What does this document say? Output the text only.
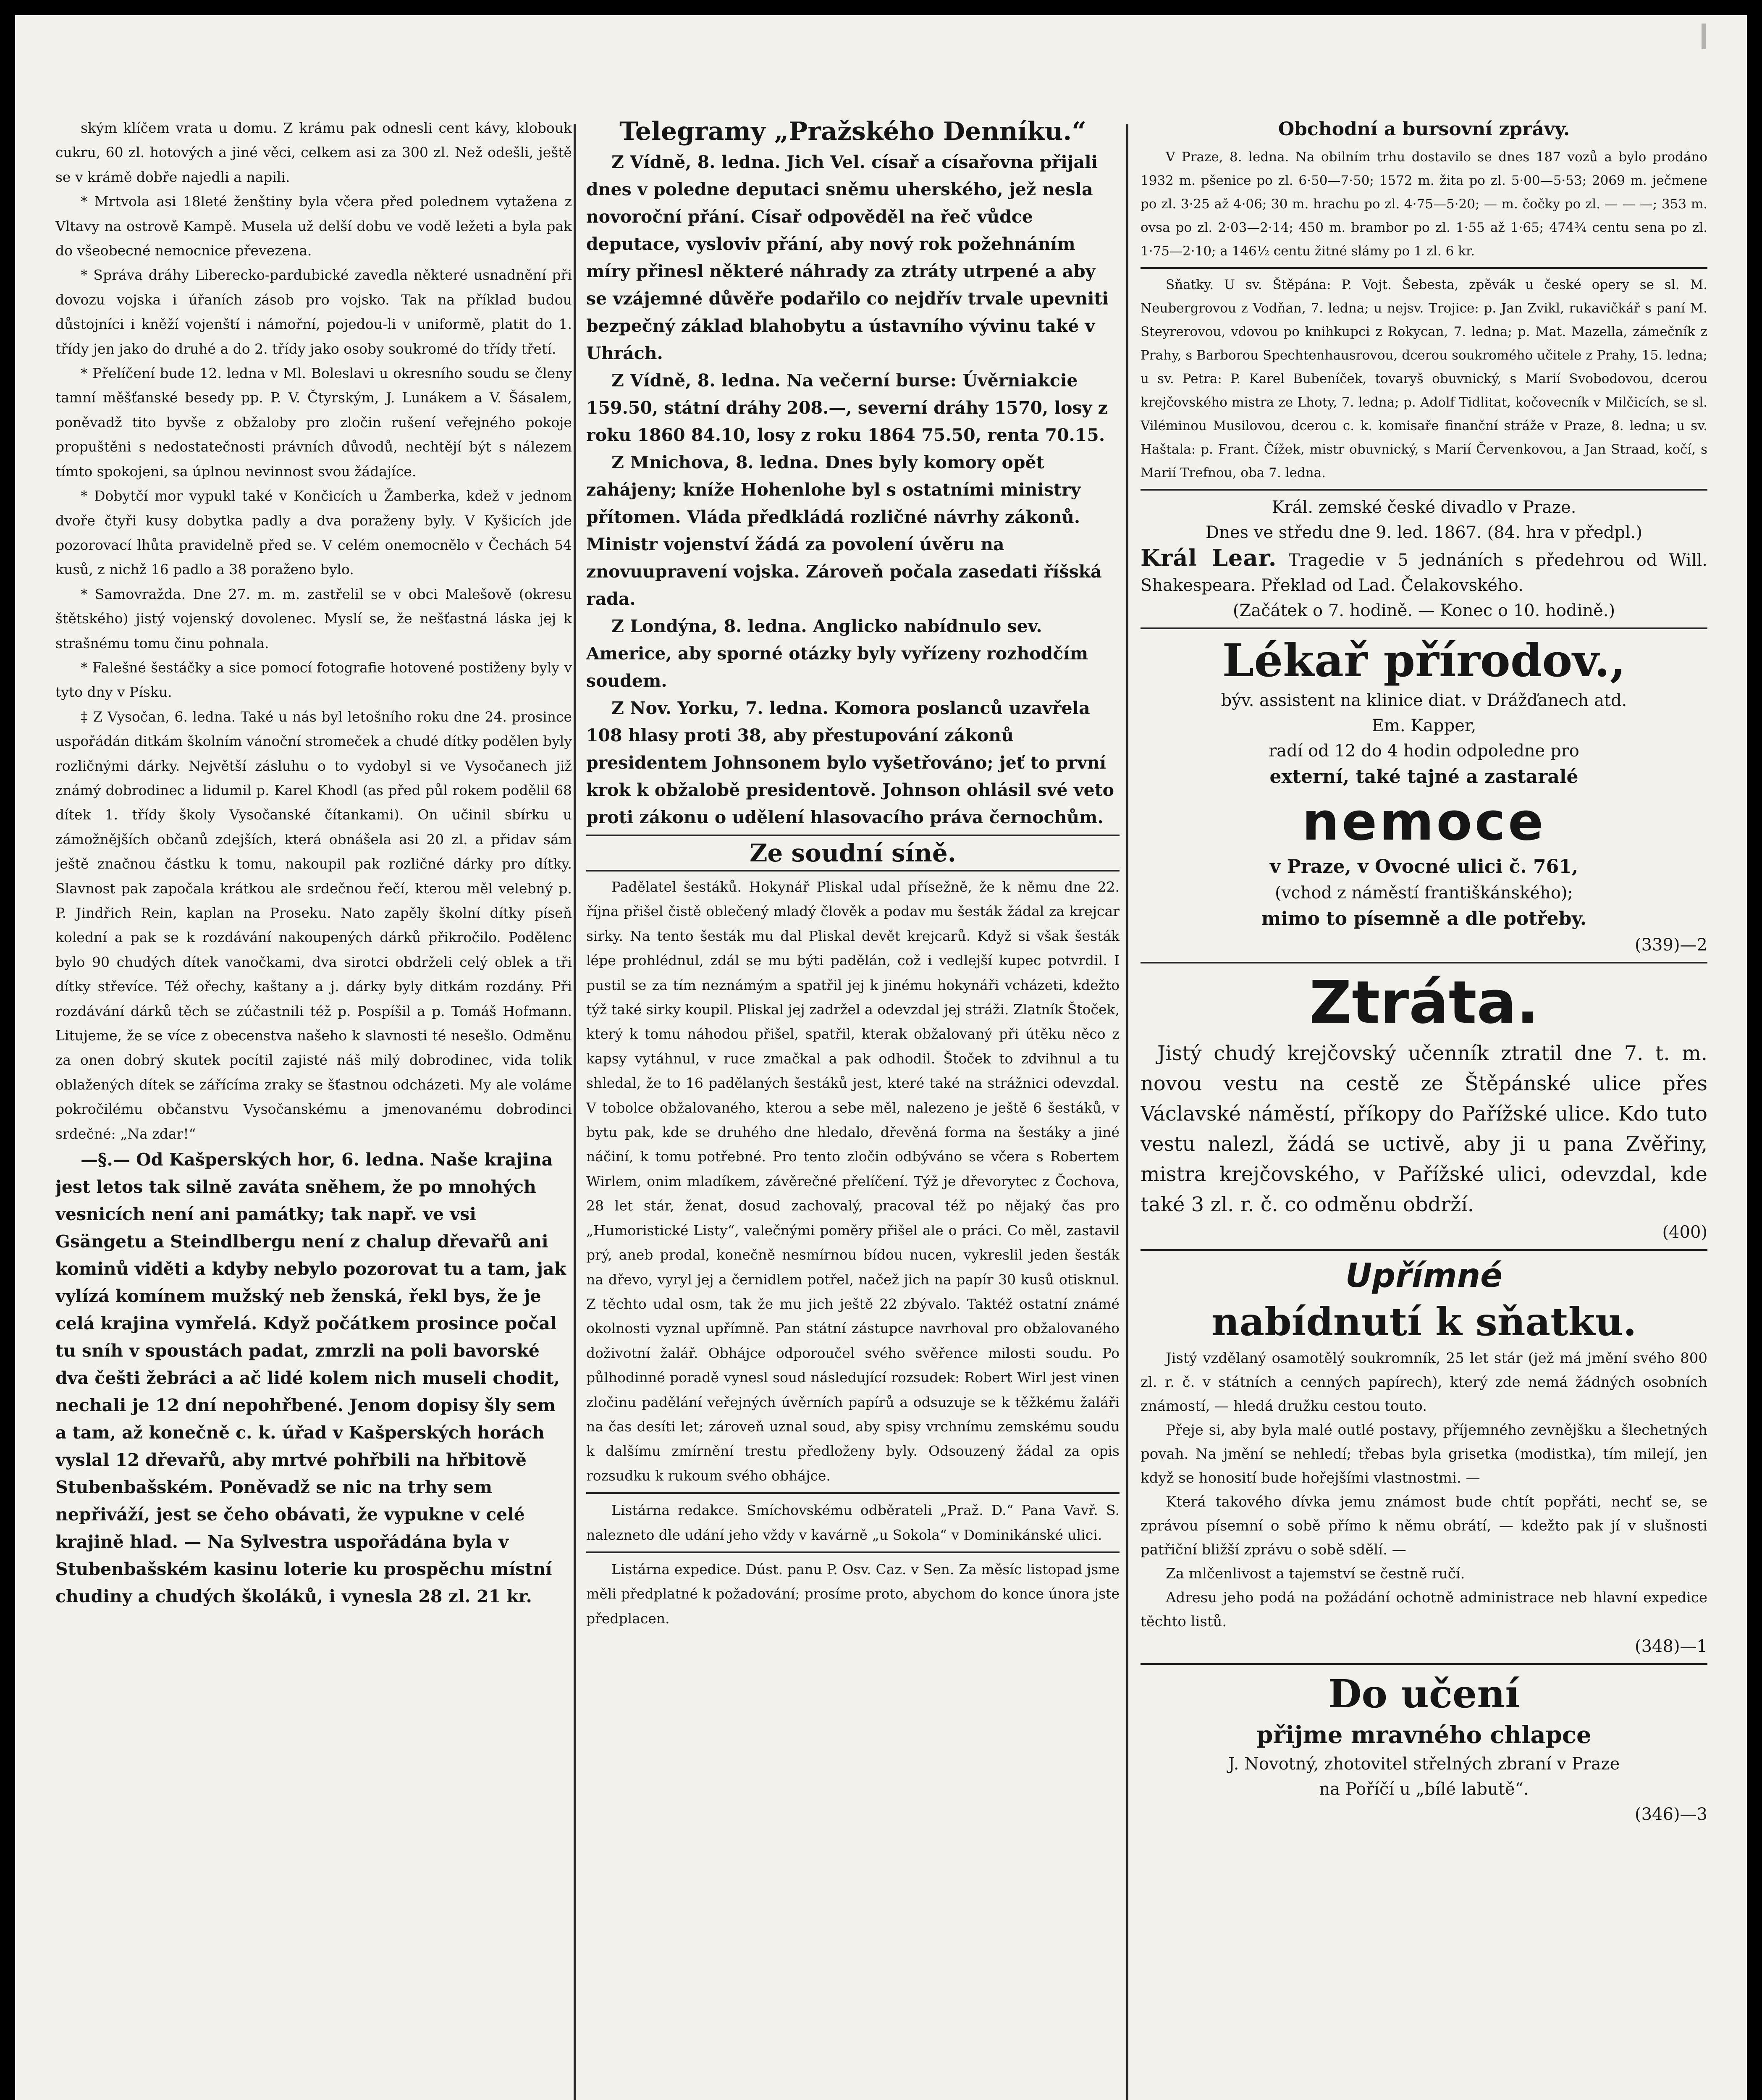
ským klíčem vrata u domu. Z krámu pak odnesli cent kávy, klobouk cukru, 60 zl. hotových a jiné věci, celkem asi za 300 zl. Než odešli, ještě se v krámě dobře najedli a napili.

* Mrtvola asi 18leté ženštiny byla včera před polednem vytažena z Vltavy na ostrově Kampě. Musela už delší dobu ve vodě ležeti a byla pak do všeobecné nemocnice převezena.

* Správa dráhy Liberecko-pardubické zavedla některé usnadnění při dovozu vojska i úřaních zásob pro vojsko. Tak na příklad budou důstojníci i kněží vojenští i námořní, pojedou-li v uniformě, platit do 1. třídy jen jako do druhé a do 2. třídy jako osoby soukromé do třídy třetí.

* Přelíčení bude 12. ledna v Ml. Boleslavi u okresního soudu se členy tamní měšťanské besedy pp. P. V. Čtyrským, J. Lunákem a V. Šásalem, poněvadž tito byvše z obžaloby pro zločin rušení veřejného pokoje propuštěni s nedostatečnosti právních důvodů, nechtějí být s nálezem tímto spokojeni, sa úplnou nevinnost svou žádajíce.

* Dobytčí mor vypukl také v Končicích u Žamberka, kdež v jednom dvoře čtyři kusy dobytka padly a dva poraženy byly. V Kyšicích jde pozorovací lhůta pravidelně před se. V celém onemocnělo v Čechách 54 kusů, z nichž 16 padlo a 38 poraženo bylo.

* Samovražda. Dne 27. m. m. zastřelil se v obci Malešově (okresu štětského) jistý vojenský dovolenec. Myslí se, že nešťastná láska jej k strašnému tomu činu pohnala.

* Falešné šestáčky a sice pomocí fotografie hotovené postiženy byly v tyto dny v Písku.

‡ Z Vysočan, 6. ledna. Také u nás byl letošního roku dne 24. prosince uspořádán ditkám školním vánoční stromeček a chudé dítky podělen byly rozličnými dárky. Největší zásluhu o to vydobyl si ve Vysočanech již známý dobrodinec a lidumil p. Karel Khodl (as před půl rokem podělil 68 dítek 1. třídy školy Vysočanské čítankami). On učinil sbírku u zámožnějších občanů zdejších, která obnášela asi 20 zl. a přidav sám ještě značnou částku k tomu, nakoupil pak rozličné dárky pro dítky. Slavnost pak započala krátkou ale srdečnou řečí, kterou měl velebný p. P. Jindřich Rein, kaplan na Proseku. Nato zapěly školní dítky píseň kolední a pak se k rozdávání nakoupených dárků přikročilo. Podělenc bylo 90 chudých dítek vanočkami, dva sirotci obdrželi celý oblek a tři dítky střevíce. Též ořechy, kaštany a j. dárky byly ditkám rozdány. Při rozdávání dárků těch se zúčastnili též p. Pospíšil a p. Tomáš Hofmann. Litujeme, že se více z obecenstva našeho k slavnosti té nesešlo. Odměnu za onen dobrý skutek pocítil zajisté náš milý dobrodinec, vida tolik oblažených dítek se zářícíma zraky se šťastnou odcházeti. My ale voláme pokročilému občanstvu Vysočanskému a jmenovanému dobrodinci srdečné: „Na zdar!“

—§.— Od Kašperských hor, 6. ledna. Naše krajina jest letos tak silně zaváta sněhem, že po mnohých vesnicích není ani památky; tak např. ve vsi Gsängetu a Steindlbergu není z chalup dřevařů ani kominů viděti a kdyby nebylo pozorovat tu a tam, jak vylízá komínem mužský neb ženská, řekl bys, že je celá krajina vymřelá. Když počátkem prosince počal tu sníh v spoustách padat, zmrzli na poli bavorské dva češti žebráci a ač lidé kolem nich museli chodit, nechali je 12 dní nepohřbené. Jenom dopisy šly sem a tam, až konečně c. k. úřad v Kašperských horách vyslal 12 dřevařů, aby mrtvé pohřbili na hřbitově Stubenbašském. Poněvadž se nic na trhy sem nepřiváží, jest se čeho obávati, že vypukne v celé krajině hlad. — Na Sylvestra uspořádána byla v Stubenbašském kasinu loterie ku prospěchu místní chudiny a chudých školáků, i vynesla 28 zl. 21 kr.

Telegramy „Pražského Denníku.“

Z Vídně, 8. ledna. Jich Vel. císař a císařovna přijali dnes v poledne deputaci sněmu uherského, jež nesla novoroční přání. Císař odpověděl na řeč vůdce deputace, vysloviv přání, aby nový rok požehnáním míry přinesl některé náhrady za ztráty utrpené a aby se vzájemné důvěře podařilo co nejdřív trvale upevniti bezpečný základ blahobytu a ústavního vývinu také v Uhrách.

Z Vídně, 8. ledna. Na večerní burse: Úvěrniakcie 159.50, státní dráhy 208.—, severní dráhy 1570, losy z roku 1860 84.10, losy z roku 1864 75.50, renta 70.15.

Z Mnichova, 8. ledna. Dnes byly komory opět zahájeny; kníže Hohenlohe byl s ostatními ministry přítomen. Vláda předkládá rozličné návrhy zákonů. Ministr vojenství žádá za povolení úvěru na znovuupravení vojska. Zároveň počala zasedati říšská rada.

Z Londýna, 8. ledna. Anglicko nabídnulo sev. Americe, aby sporné otázky byly vyřízeny rozhodčím soudem.

Z Nov. Yorku, 7. ledna. Komora poslanců uzavřela 108 hlasy proti 38, aby přestupování zákonů presidentem Johnsonem bylo vyšetřováno; jeť to první krok k obžalobě presidentově. Johnson ohlásil své veto proti zákonu o udělení hlasovacího práva černochům.

Ze soudní síně.

Padělatel šestáků. Hokynář Pliskal udal přísežně, že k němu dne 22. října přišel čistě oblečený mladý člověk a podav mu šesták žádal za krejcar sirky. Na tento šesták mu dal Pliskal devět krejcarů. Když si však šesták lépe prohlédnul, zdál se mu býti padělán, což i vedlejší kupec potvrdil. I pustil se za tím neznámým a spatřil jej k jinému hokynáři vcházeti, kdežto týž také sirky koupil. Pliskal jej zadržel a odevzdal jej stráži. Zlatník Štoček, který k tomu náhodou přišel, spatřil, kterak obžalovaný při útěku něco z kapsy vytáhnul, v ruce zmačkal a pak odhodil. Štoček to zdvihnul a tu shledal, že to 16 padělaných šestáků jest, které také na strážnici odevzdal. V tobolce obžalovaného, kterou a sebe měl, nalezeno je ještě 6 šestáků, v bytu pak, kde se druhého dne hledalo, dřevěná forma na šestáky a jiné náčiní, k tomu potřebné. Pro tento zločin odbýváno se včera s Robertem Wirlem, onim mladíkem, závěrečné přelíčení. Týž je dřevorytec z Čochova, 28 let stár, ženat, dosud zachovalý, pracoval též po nějaký čas pro „Humoristické Listy“, valečnými poměry přišel ale o práci. Co měl, zastavil prý, aneb prodal, konečně nesmírnou bídou nucen, vykreslil jeden šesták na dřevo, vyryl jej a černidlem potřel, načež jich na papír 30 kusů otisknul. Z těchto udal osm, tak že mu jich ještě 22 zbývalo. Taktéž ostatní známé okolnosti vyznal upřímně. Pan státní zástupce navrhoval pro obžalovaného doživotní žalář. Obhájce odporoučel svého svěřence milosti soudu. Po půlhodinné poradě vynesl soud následující rozsudek: Robert Wirl jest vinen zločinu padělání veřejných úvěrních papírů a odsuzuje se k těžkému žaláři na čas desíti let; zároveň uznal soud, aby spisy vrchnímu zemskému soudu k dalšímu zmírnění trestu předloženy byly. Odsouzený žádal za opis rozsudku k rukoum svého obhájce.

Listárna redakce. Smíchovskému odběrateli „Praž. D.“ Pana Vavř. S. nalezneto dle udání jeho vždy v kavárně „u Sokola“ v Dominikánské ulici.

Listárna expedice. Dúst. panu P. Osv. Caz. v Sen. Za měsíc listopad jsme měli předplatné k požadování; prosíme proto, abychom do konce února jste předplacen.

Obchodní a bursovní zprávy.

V Praze, 8. ledna. Na obilním trhu dostavilo se dnes 187 vozů a bylo prodáno 1932 m. pšenice po zl. 6·50—7·50; 1572 m. žita po zl. 5·00—5·53; 2069 m. ječmene po zl. 3·25 až 4·06; 30 m. hrachu po zl. 4·75—5·20; — m. čočky po zl. — — —; 353 m. ovsa po zl. 2·03—2·14; 450 m. brambor po zl. 1·55 až 1·65; 474¾ centu sena po zl. 1·75—2·10; a 146½ centu žitné slámy po 1 zl. 6 kr.

Sňatky. U sv. Štěpána: P. Vojt. Šebesta, zpěvák u české opery se sl. M. Neubergrovou z Vodňan, 7. ledna; u nejsv. Trojice: p. Jan Zvikl, rukavičkář s paní M. Steyrerovou, vdovou po knihkupci z Rokycan, 7. ledna; p. Mat. Mazella, zámečník z Prahy, s Barborou Spechtenhausrovou, dcerou soukromého učitele z Prahy, 15. ledna; u sv. Petra: P. Karel Bubeníček, tovaryš obuvnický, s Marií Svobodovou, dcerou krejčovského mistra ze Lhoty, 7. ledna; p. Adolf Tidlitat, kočovecník v Milčicích, se sl. Viléminou Musilovou, dcerou c. k. komisaře finanční stráže v Praze, 8. ledna; u sv. Haštala: p. Frant. Čížek, mistr obuvnický, s Marií Červenkovou, a Jan Straad, kočí, s Marií Trefnou, oba 7. ledna.

Král. zemské české divadlo v Praze.
Dnes ve středu dne 9. led. 1867. (84. hra v předpl.)
Král Lear. Tragedie v 5 jednáních s předehrou od Will. Shakespeara. Překlad od Lad. Čelakovského.
(Začátek o 7. hodině. — Konec o 10. hodině.)
Lékař přírodov.,
býv. assistent na klinice diat. v Drážďanech atd.
Em. Kapper,
radí od 12 do 4 hodin odpoledne pro
externí, také tajné a zastaralé
nemoce
v Praze, v Ovocné ulici č. 761,
(vchod z náměstí františkánského);
mimo to písemně a dle potřeby.
(339)—2
Ztráta.

Jistý chudý krejčovský učenník ztratil dne 7. t. m. novou vestu na cestě ze Štěpánské ulice přes Václavské náměstí, příkopy do Pařížské ulice. Kdo tuto vestu nalezl, žádá se uctivě, aby ji u pana Zvěřiny, mistra krejčovského, v Pařížské ulici, odevzdal, kde také 3 zl. r. č. co odměnu obdrží.

(400)
Upřímné
nabídnutí k sňatku.

Jistý vzdělaný osamotělý soukromník, 25 let stár (jež má jmění svého 800 zl. r. č. v státních a cenných papírech), který zde nemá žádných osobních známostí, — hledá družku cestou touto.

Přeje si, aby byla malé outlé postavy, příjemného zevnějšku a šlechetných povah. Na jmění se nehledí; třebas byla grisetka (modistka), tím milejí, jen když se honosití bude hořejšími vlastnostmi. —

Která takového dívka jemu známost bude chtít popřáti, nechť se, se zprávou písemní o sobě přímo k němu obrátí, — kdežto pak jí v slušnosti patřiční bližší zprávu o sobě sdělí. —

Za mlčenlivost a tajemství se čestně ručí.

Adresu jeho podá na požádání ochotně administrace neb hlavní expedice těchto listů.

(348)—1
Do učení
přijme mravného chlapce
J. Novotný, zhotovitel střelných zbraní v Praze
na Poříčí u „bílé labutě“.
(346)—3
